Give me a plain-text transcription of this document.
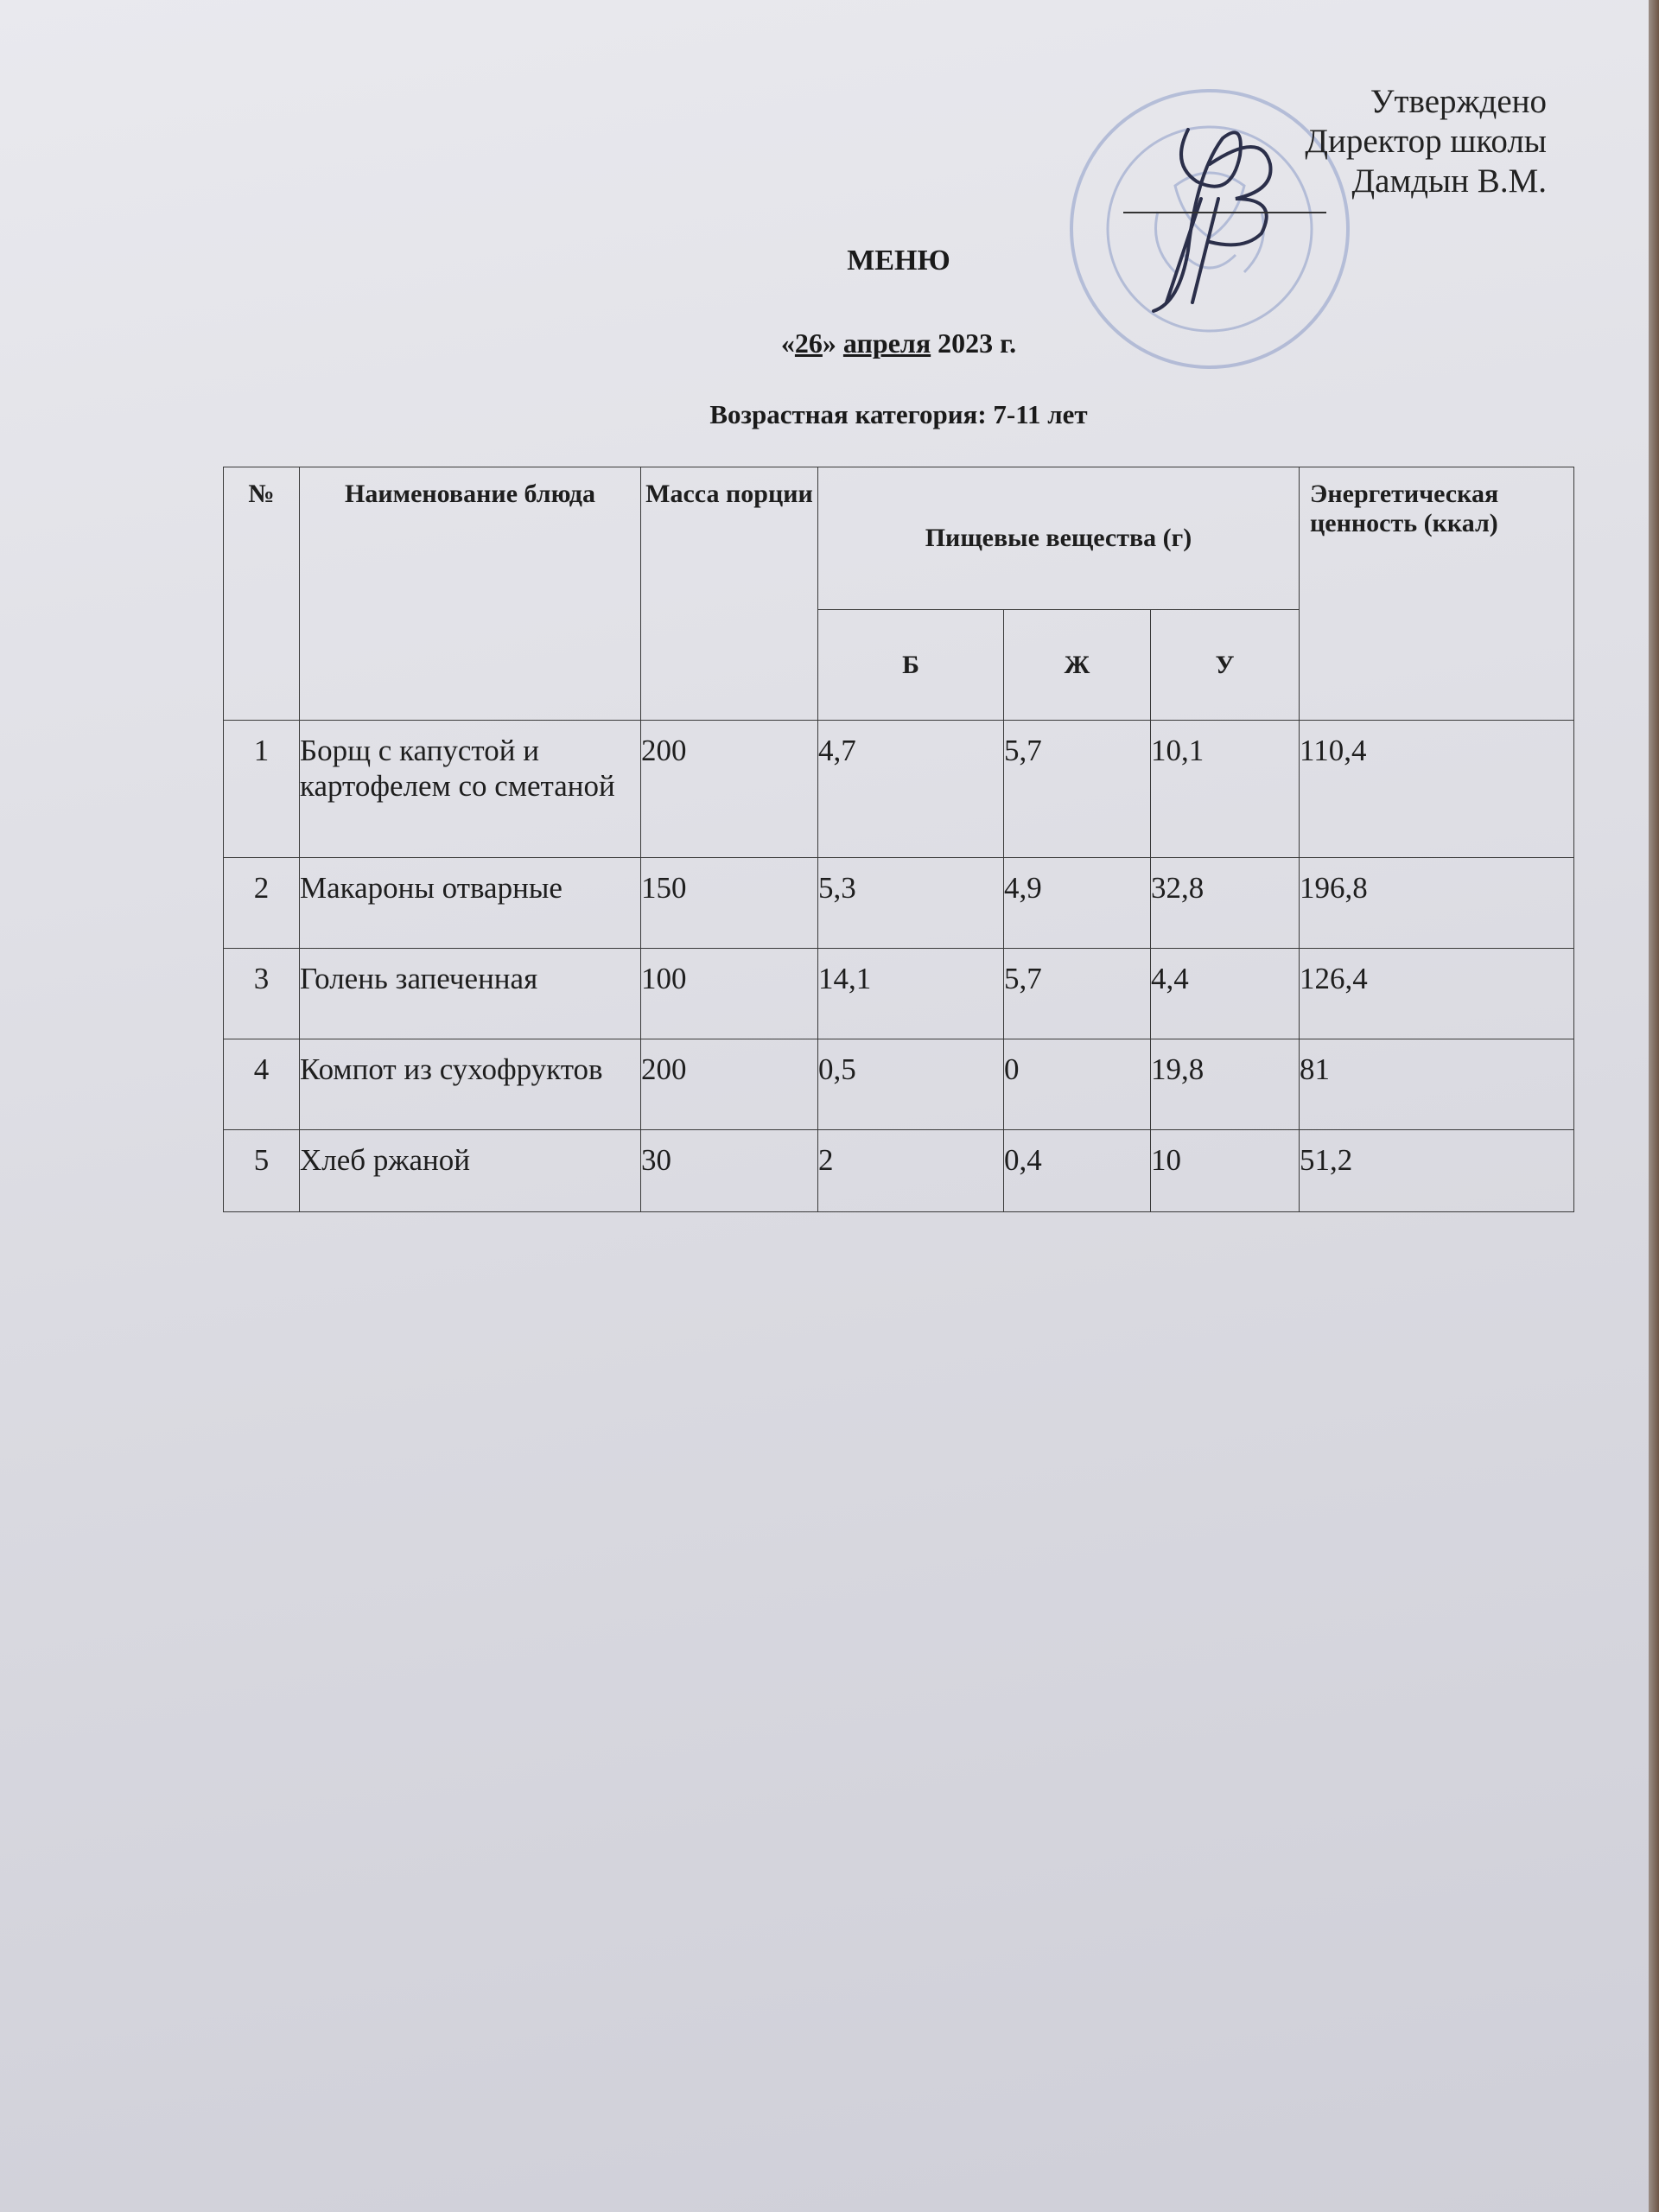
Утверждено
Директор школы
Дамдын В.М.
МЕНЮ
«26» апреля 2023 г.
Возрастная категория: 7-11 лет
№	Наименование блюда	Масса порции	Пищевые вещества (г)			Энергетическая ценность (ккал)
			Б	Ж	У	
1	Борщ с капустой и картофелем со сметаной	200	4,7	5,7	10,1	110,4
2	Макароны отварные	150	5,3	4,9	32,8	196,8
3	Голень запеченная	100	14,1	5,7	4,4	126,4
4	Компот из сухофруктов	200	0,5	0	19,8	81
5	Хлеб ржаной	30	2	0,4	10	51,2
